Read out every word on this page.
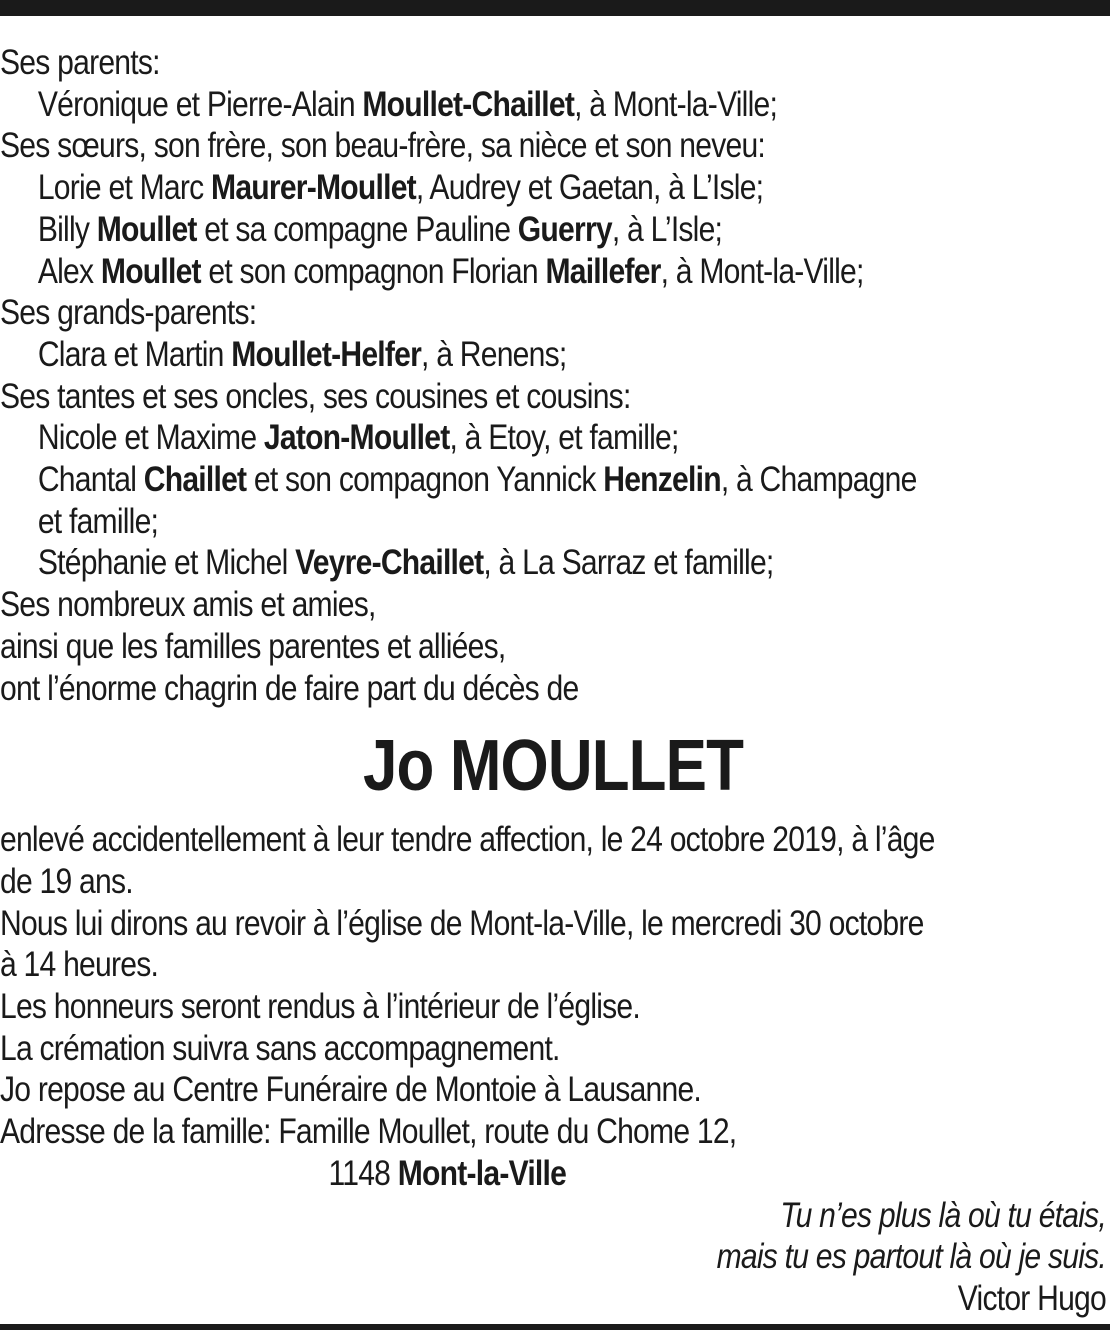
Ses parents:
Véronique et Pierre-Alain Moullet-Chaillet, à Mont-la-Ville;
Ses sœurs, son frère, son beau-frère, sa nièce et son neveu:
Lorie et Marc Maurer-Moullet, Audrey et Gaetan, à L’Isle;
Billy Moullet et sa compagne Pauline Guerry, à L’Isle;
Alex Moullet et son compagnon Florian Maillefer, à Mont-la-Ville;
Ses grands-parents:
Clara et Martin Moullet-Helfer, à Renens;
Ses tantes et ses oncles, ses cousines et cousins:
Nicole et Maxime Jaton-Moullet, à Etoy, et famille;
Chantal Chaillet et son compagnon Yannick Henzelin, à Champagne
et famille;
Stéphanie et Michel Veyre-Chaillet, à La Sarraz et famille;
Ses nombreux amis et amies,
ainsi que les familles parentes et alliées,
ont l’énorme chagrin de faire part du décès de
Jo MOULLET
enlevé accidentellement à leur tendre affection, le 24 octobre 2019, à l’âge
de 19 ans.
Nous lui dirons au revoir à l’église de Mont-la-Ville, le mercredi 30 octobre
à 14 heures.
Les honneurs seront rendus à l’intérieur de l’église.
La crémation suivra sans accompagnement.
Jo repose au Centre Funéraire de Montoie à Lausanne.
Adresse de la famille: Famille Moullet, route du Chome 12,
1148 Mont-la-Ville
Tu n’es plus là où tu étais,
mais tu es partout là où je suis.
Victor Hugo
